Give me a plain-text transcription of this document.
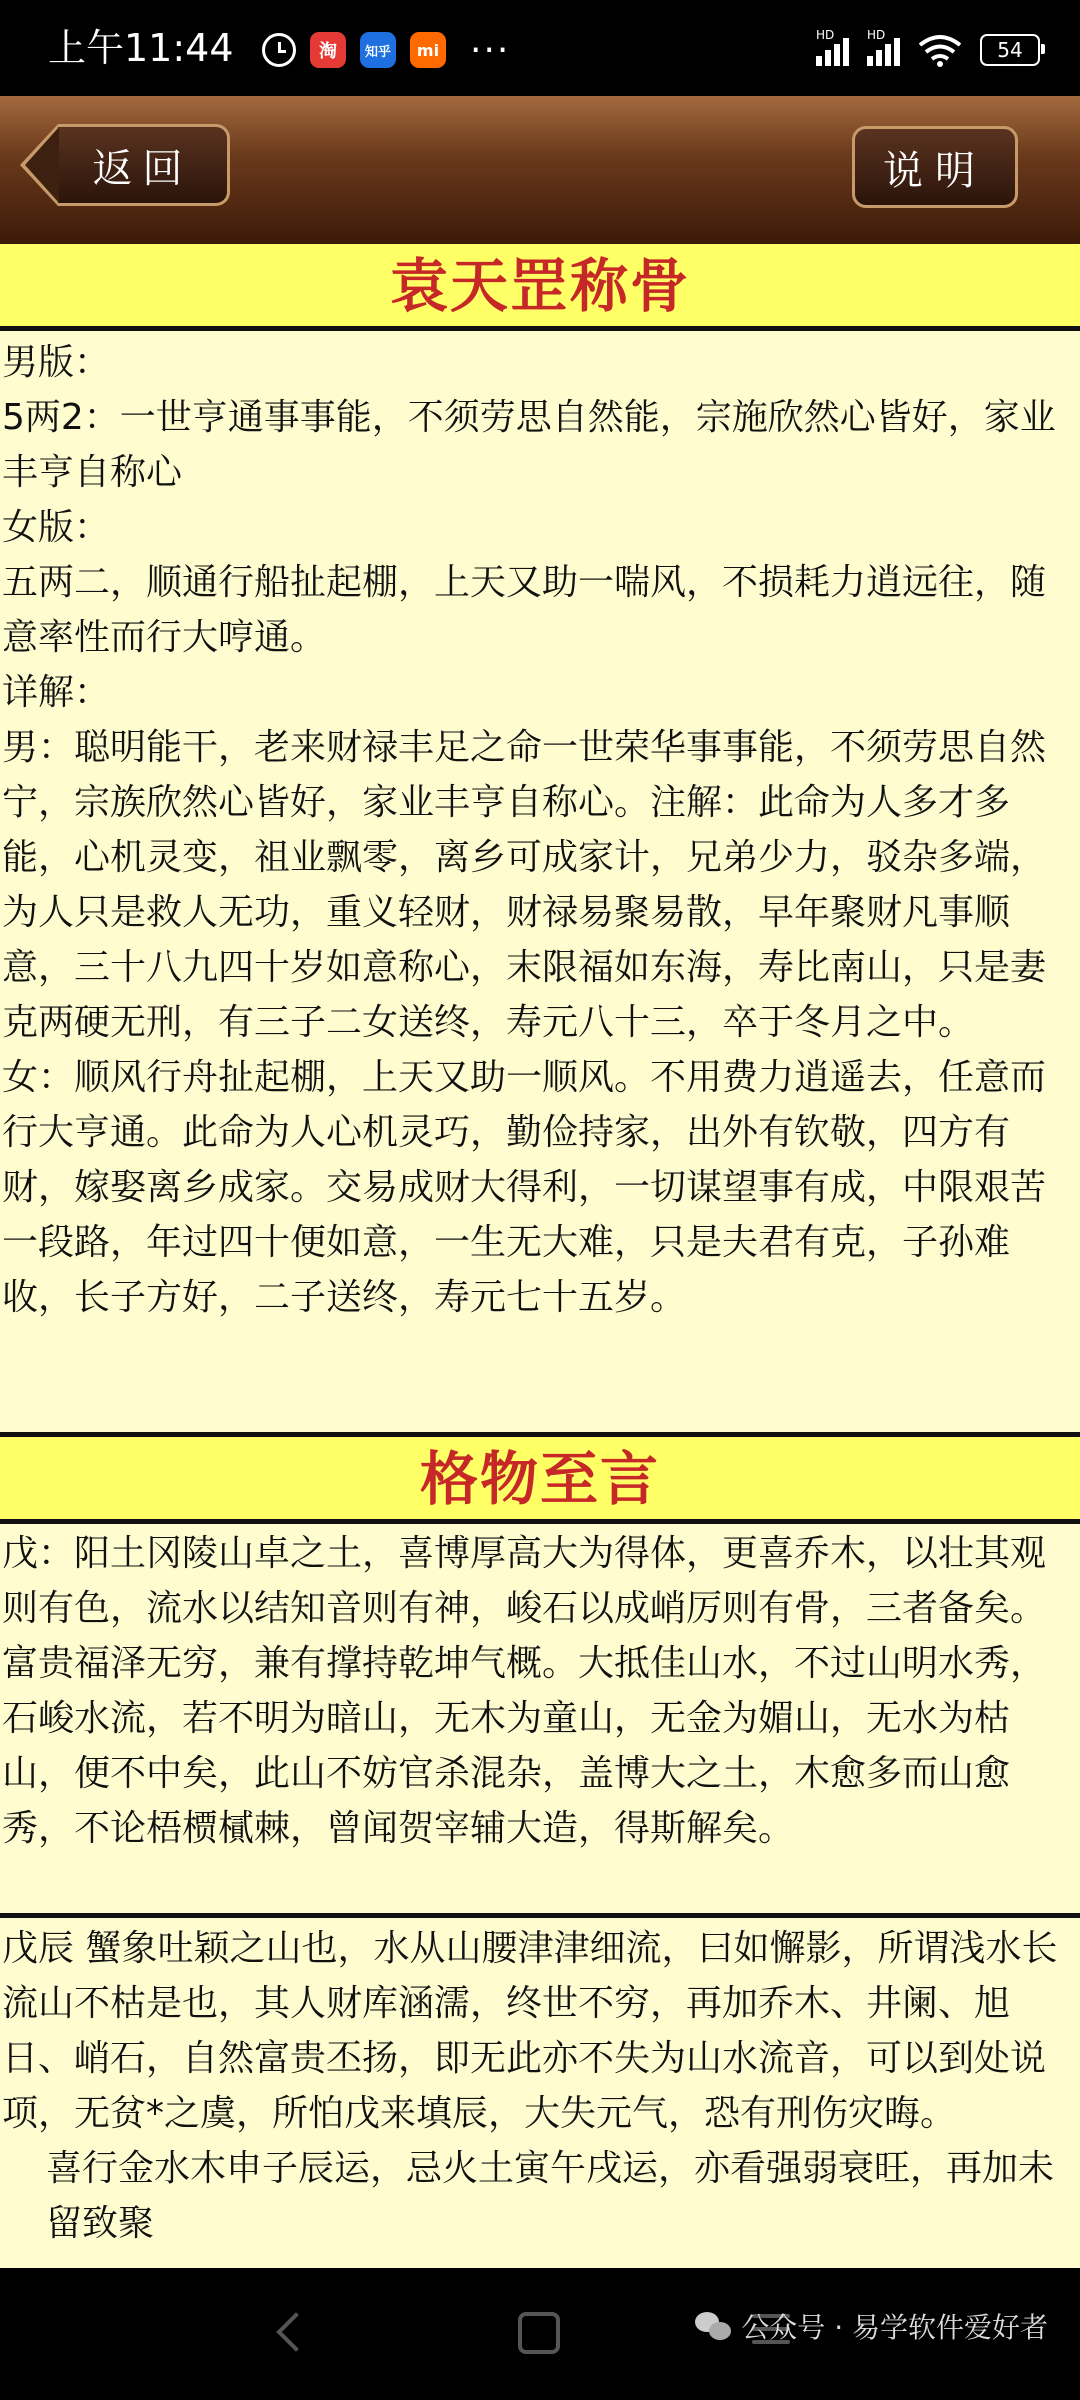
上午11:44	淘	知乎	mi ···	HD	HD
54
返回	说明
袁天罡称骨

男版：

5两2：一世亨通事事能，不须劳思自然能，宗施欣然心皆好，家业丰亨自称心

女版：

五两二，顺通行船扯起棚，上天又助一喘风，不损耗力逍远往，随意率性而行大哼通。

详解：

男：聪明能干，老来财禄丰足之命一世荣华事事能，不须劳思自然宁，宗族欣然心皆好，家业丰亨自称心。注解：此命为人多才多能，心机灵变，祖业飘零，离乡可成家计，兄弟少力，驳杂多端，为人只是救人无功，重义轻财，财禄易聚易散，早年聚财凡事顺意，三十八九四十岁如意称心，末限福如东海，寿比南山，只是妻克两硬无刑，有三子二女送终，寿元八十三，卒于冬月之中。

女：顺风行舟扯起棚，上天又助一顺风。不用费力逍遥去，任意而行大亨通。此命为人心机灵巧，勤俭持家，出外有钦敬，四方有财，嫁娶离乡成家。交易成财大得利，一切谋望事有成，中限艰苦一段路，年过四十便如意，一生无大难，只是夫君有克，子孙难收，长子方好，二子送终，寿元七十五岁。

格物至言

戊：阳土冈陵山卓之土，喜博厚高大为得体，更喜乔木，以壮其观则有色，流水以结知音则有神，峻石以成峭厉则有骨，三者备矣。富贵福泽无穷，兼有撑持乾坤气概。大抵佳山水，不过山明水秀，石峻水流，若不明为暗山，无木为童山，无金为媚山，无水为枯山，便不中矣，此山不妨官杀混杂，盖博大之土，木愈多而山愈秀，不论梧槚樲棘，曾闻贺宰辅大造，得斯解矣。

戊辰 蟹象吐颖之山也，水从山腰津津细流，曰如懈影，所谓浅水长流山不枯是也，其人财库涵濡，终世不穷，再加乔木、井阑、旭日、峭石，自然富贵丕扬，即无此亦不失为山水流音，可以到处说项，无贫*之虞，所怕戊来填辰，大失元气，恐有刑伤灾晦。

喜行金水木申子辰运，忌火土寅午戌运，亦看强弱衰旺，再加未留致聚

公众号 · 易学软件爱好者
